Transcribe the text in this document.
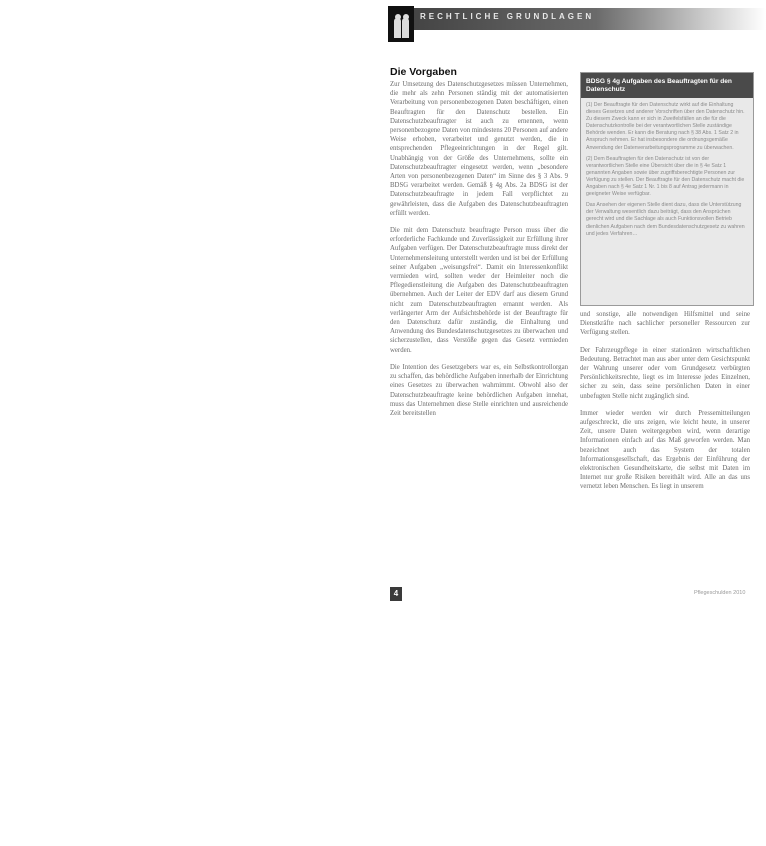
RECHTLICHE GRUNDLAGEN
Die Vorgaben

Zur Umsetzung des Datenschutzgesetzes müssen Unternehmen, die mehr als zehn Personen ständig mit der automatisierten Verarbeitung von personenbezogenen Daten beschäftigen, einen Beauftragten für den Datenschutz bestellen. Ein Datenschutzbeauftragter ist auch zu ernennen, wenn personenbezogene Daten von mindestens 20 Personen auf andere Weise erhoben, verarbeitet und genutzt werden, die in entsprechenden Pflegeeinrichtungen in der Regel gilt. Unabhängig von der Größe des Unternehmens, sollte ein Datenschutzbeauftragter eingesetzt werden, wenn „besondere Arten von personenbezogenen Daten“ im Sinne des § 3 Abs. 9 BDSG verarbeitet werden. Gemäß § 4g Abs. 2a BDSG ist der Datenschutzbeauftragte in jedem Fall verpflichtet zu gewährleisten, dass die Aufgaben des Datenschutzbeauftragten erfüllt werden.

Die mit dem Datenschutz beauftragte Person muss über die erforderliche Fachkunde und Zuverlässigkeit zur Erfüllung ihrer Aufgaben verfügen. Der Datenschutzbeauftragte muss direkt der Unternehmensleitung unterstellt werden und ist bei der Erfüllung seiner Aufgaben „weisungsfrei“. Damit ein Interessenkonflikt vermieden wird, sollten weder der Heimleiter noch die Pflegedienstleitung die Aufgaben des Datenschutzbeauftragten übernehmen. Auch der Leiter der EDV darf aus diesem Grund nicht zum Datenschutzbeauftragten ernannt werden. Als verlängerter Arm der Aufsichtsbehörde ist der Beauftragte für den Datenschutz dafür zuständig, die Einhaltung und Anwendung des Bundesdatenschutzgesetzes zu überwachen und sicherzustellen, dass Verstöße gegen das Gesetz vermieden werden.

Die Intention des Gesetzgebers war es, ein Selbstkontrollorgan zu schaffen, das behördliche Aufgaben innerhalb der Einrichtung eines Gesetzes zu überwachen wahrnimmt. Obwohl also der Datenschutzbeauftragte keine behördlichen Aufgaben innehat, muss das Unternehmen diese Stelle einrichten und ausreichende Zeit bereitstellen

BDSG § 4g Aufgaben des Beauftragten für den Datenschutz

(1) Der Beauftragte für den Datenschutz wirkt auf die Einhaltung dieses Gesetzes und anderer Vorschriften über den Datenschutz hin. Zu diesem Zweck kann er sich in Zweifelsfällen an die für die Datenschutzkontrolle bei der verantwortlichen Stelle zuständige Behörde wenden. Er kann die Beratung nach § 38 Abs. 1 Satz 2 in Anspruch nehmen. Er hat insbesondere die ordnungsgemäße Anwendung der Datenverarbeitungsprogramme zu überwachen.

(2) Dem Beauftragten für den Datenschutz ist von der verantwortlichen Stelle eine Übersicht über die in § 4e Satz 1 genannten Angaben sowie über zugriffsberechtigte Personen zur Verfügung zu stellen. Der Beauftragte für den Datenschutz macht die Angaben nach § 4e Satz 1 Nr. 1 bis 8 auf Antrag jedermann in geeigneter Weise verfügbar.

Das Ansehen der eigenen Stelle dient dazu, dass die Unterstützung der Verwaltung wesentlich dazu beiträgt, dass den Ansprüchen gerecht wird und die Sachlage als auch Funktionsvollen Betrieb dienlichen Aufgaben nach dem Bundesdatenschutzgesetz zu wahren und jedes Verfahren…

und sonstige, alle notwendigen Hilfsmittel und seine Dienstkräfte nach sachlicher personeller Ressourcen zur Verfügung stellen.

Der Fahrzeugpflege in einer stationären wirtschaftlichen Bedeutung. Betrachtet man aus aber unter dem Gesichtspunkt der Wahrung unserer oder vom Grundgesetz verbürgten Persönlichkeitsrechte, liegt es im Interesse jedes Einzelnen, sicher zu sein, dass seine persönlichen Daten in einer unbefugten Stelle nicht zugänglich sind.

Immer wieder werden wir durch Pressemitteilungen aufgeschreckt, die uns zeigen, wie leicht heute, in unserer Zeit, unsere Daten weitergegeben wird, wenn derartige Informationen einfach auf das Maß geworfen werden. Man bezeichnet auch das System der totalen Informationsgesellschaft, das Ergebnis der Einführung der elektronischen Gesundheitskarte, die selbst mit Daten im Internet nur große Risiken bereithält wird. Alle an das uns vernetzt leben Menschen. Es liegt in unserem

4	Pflegeschulden 2010
